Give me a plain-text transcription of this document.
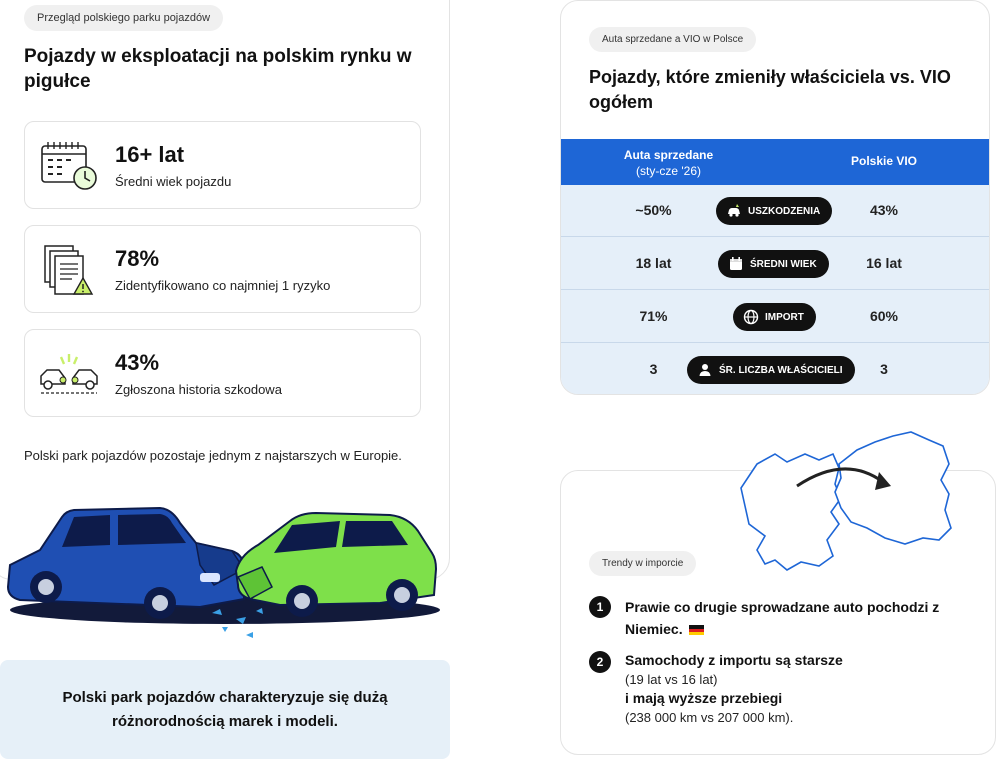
Przegląd polskiego parku pojazdów
Pojazdy w eksploatacji na polskim rynku w pigułce
16+ lat
Średni wiek pojazdu
78%
Zidentyfikowano co najmniej 1 ryzyko
43%
Zgłoszona historia szkodowa
Polski park pojazdów pozostaje jednym z najstarszych w Europie.
Polski park pojazdów charakteryzuje się dużą różnorodnością marek i modeli.
Auta sprzedane a VIO w Polsce
Pojazdy, które zmieniły właściciela vs. VIO ogółem
Auta sprzedane
(sty-cze '26)
Polskie VIO
~50%	USZKODZENIA	43%
18 lat	ŚREDNI WIEK	16 lat
71%	IMPORT	60%
3	ŚR. LICZBA WŁAŚCICIELI	3
Trendy w imporcie
1	Prawie co drugie sprowadzane auto pochodzi z Niemiec.
2	Samochody z importu są starsze
(19 lat vs 16 lat)
i mają wyższe przebiegi
(238 000 km vs 207 000 km).
